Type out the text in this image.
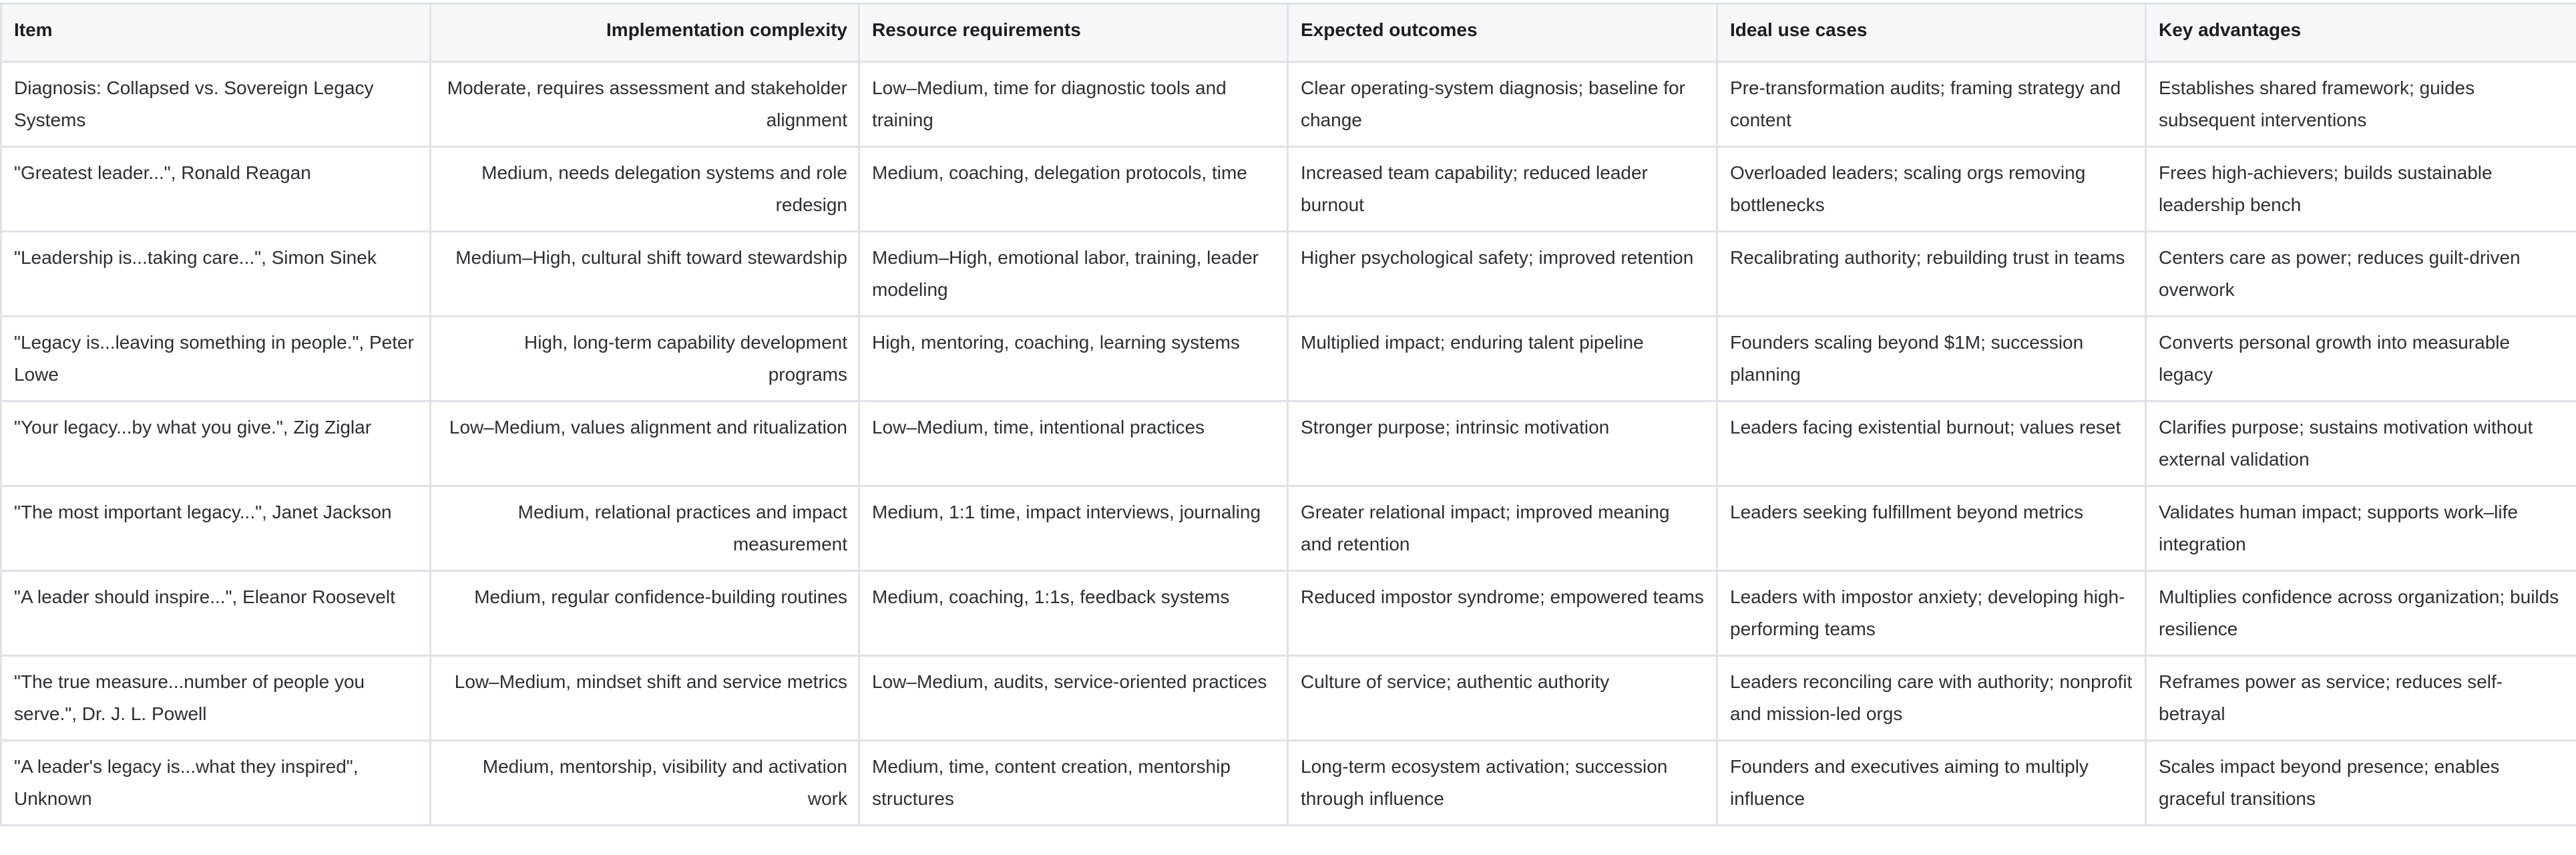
Item	Implementation complexity	Resource requirements	Expected outcomes	Ideal use cases	Key advantages
Diagnosis: Collapsed vs. Sovereign Legacy Systems	Moderate, requires assessment and stakeholder alignment	Low–Medium, time for diagnostic tools and training	Clear operating-system diagnosis; baseline for change	Pre-transformation audits; framing strategy and content	Establishes shared framework; guides subsequent interventions
"Greatest leader...", Ronald Reagan	Medium, needs delegation systems and role redesign	Medium, coaching, delegation protocols, time	Increased team capability; reduced leader burnout	Overloaded leaders; scaling orgs removing bottlenecks	Frees high-achievers; builds sustainable leadership bench
"Leadership is...taking care...", Simon Sinek	Medium–High, cultural shift toward stewardship	Medium–High, emotional labor, training, leader modeling	Higher psychological safety; improved retention	Recalibrating authority; rebuilding trust in teams	Centers care as power; reduces guilt-driven overwork
"Legacy is...leaving something in people.", Peter Lowe	High, long-term capability development programs	High, mentoring, coaching, learning systems	Multiplied impact; enduring talent pipeline	Founders scaling beyond $1M; succession planning	Converts personal growth into measurable legacy
"Your legacy...by what you give.", Zig Ziglar	Low–Medium, values alignment and ritualization	Low–Medium, time, intentional practices	Stronger purpose; intrinsic motivation	Leaders facing existential burnout; values reset	Clarifies purpose; sustains motivation without external validation
"The most important legacy...", Janet Jackson	Medium, relational practices and impact measurement	Medium, 1:1 time, impact interviews, journaling	Greater relational impact; improved meaning and retention	Leaders seeking fulfillment beyond metrics	Validates human impact; supports work–life integration
"A leader should inspire...", Eleanor Roosevelt	Medium, regular confidence-building routines	Medium, coaching, 1:1s, feedback systems	Reduced impostor syndrome; empowered teams	Leaders with impostor anxiety; developing high-performing teams	Multiplies confidence across organization; builds resilience
"The true measure...number of people you serve.", Dr. J. L. Powell	Low–Medium, mindset shift and service metrics	Low–Medium, audits, service-oriented practices	Culture of service; authentic authority	Leaders reconciling care with authority; nonprofit and mission-led orgs	Reframes power as service; reduces self-betrayal
"A leader's legacy is...what they inspired", Unknown	Medium, mentorship, visibility and activation work	Medium, time, content creation, mentorship structures	Long-term ecosystem activation; succession through influence	Founders and executives aiming to multiply influence	Scales impact beyond presence; enables graceful transitions
